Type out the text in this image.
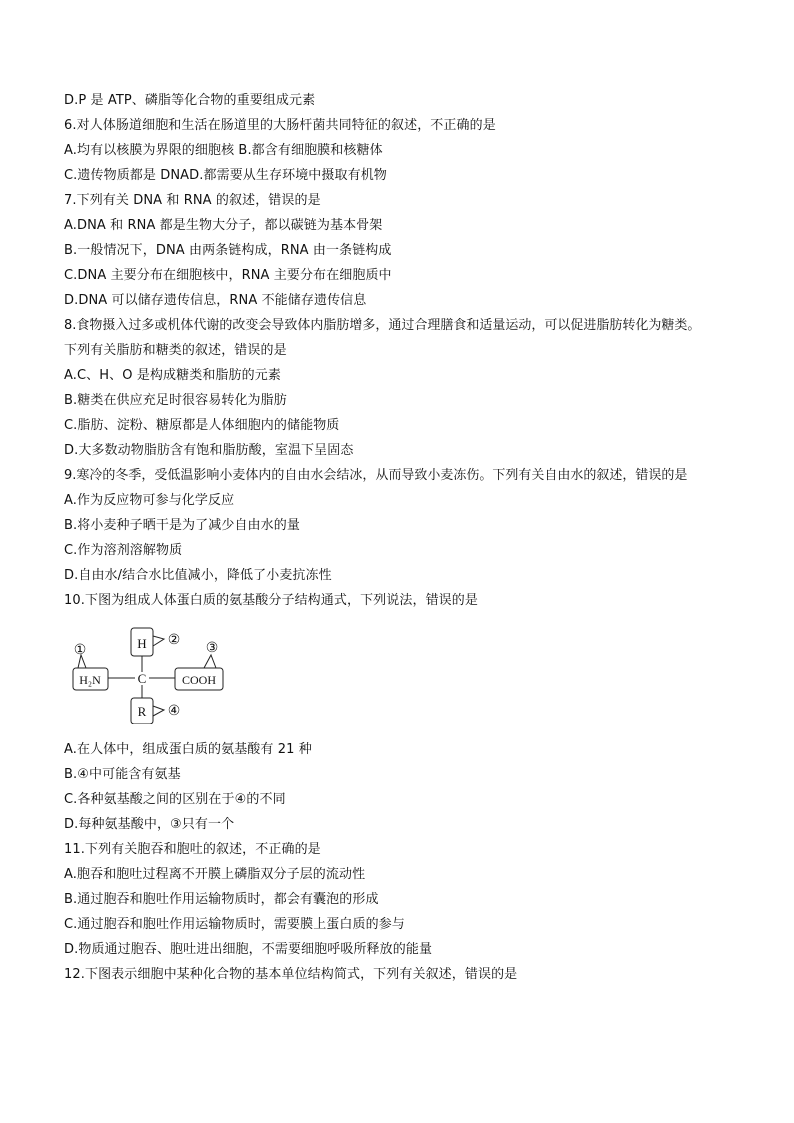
D.P 是 ATP、磷脂等化合物的重要组成元素
6.对人体肠道细胞和生活在肠道里的大肠杆菌共同特征的叙述，不正确的是
A.均有以核膜为界限的细胞核 B.都含有细胞膜和核糖体
C.遗传物质都是 DNAD.都需要从生存环境中摄取有机物
7.下列有关 DNA 和 RNA 的叙述，错误的是
A.DNA 和 RNA 都是生物大分子，都以碳链为基本骨架
B.一般情况下，DNA 由两条链构成，RNA 由一条链构成
C.DNA 主要分布在细胞核中，RNA 主要分布在细胞质中
D.DNA 可以储存遗传信息，RNA 不能储存遗传信息
8.食物摄入过多或机体代谢的改变会导致体内脂肪增多，通过合理膳食和适量运动，可以促进脂肪转化为糖类。
下列有关脂肪和糖类的叙述，错误的是
A.C、H、O 是构成糖类和脂肪的元素
B.糖类在供应充足时很容易转化为脂肪
C.脂肪、淀粉、糖原都是人体细胞内的储能物质
D.大多数动物脂肪含有饱和脂肪酸，室温下呈固态
9.寒冷的冬季，受低温影响小麦体内的自由水会结冰，从而导致小麦冻伤。下列有关自由水的叙述，错误的是
A.作为反应物可参与化学反应
B.将小麦种子晒干是为了减少自由水的量
C.作为溶剂溶解物质
D.自由水/结合水比值减小，降低了小麦抗冻性
10.下图为组成人体蛋白质的氨基酸分子结构通式，下列说法，错误的是
H
H₂N	C	COOH
R
①
②
③
④
A.在人体中，组成蛋白质的氨基酸有 21 种
B.④中可能含有氨基
C.各种氨基酸之间的区别在于④的不同
D.每种氨基酸中，③只有一个
11.下列有关胞吞和胞吐的叙述，不正确的是
A.胞吞和胞吐过程离不开膜上磷脂双分子层的流动性
B.通过胞吞和胞吐作用运输物质时，都会有囊泡的形成
C.通过胞吞和胞吐作用运输物质时，需要膜上蛋白质的参与
D.物质通过胞吞、胞吐进出细胞，不需要细胞呼吸所释放的能量
12.下图表示细胞中某种化合物的基本单位结构简式，下列有关叙述，错误的是
